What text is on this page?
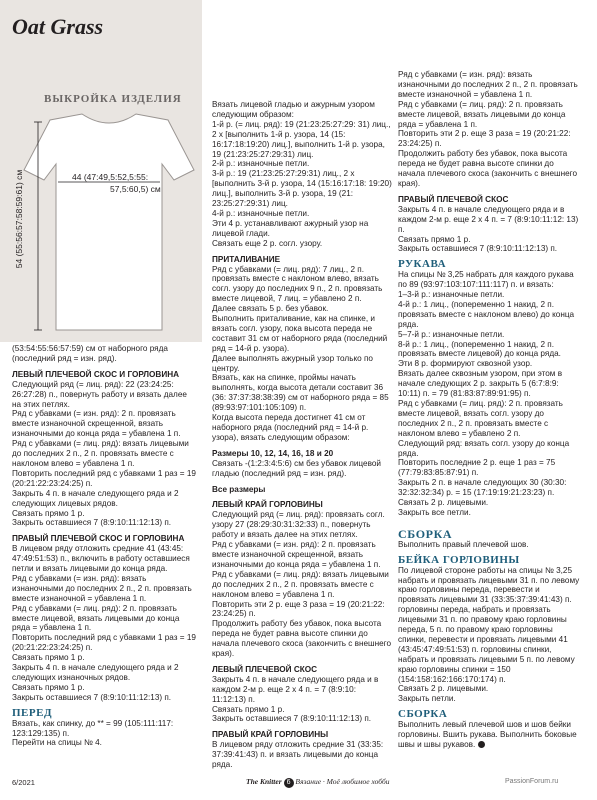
Oat Grass
ВЫКРОЙКА ИЗДЕЛИЯ
44 (47:49,5:52,5:55:
57,5:60,5) см
54 (55:56:57:58:59:61) см

(53:54:55:56:57:59) см от наборного ряда (последний ряд = изн. ряд).

ЛЕВЫЙ ПЛЕЧЕВОЙ СКОС И ГОРЛОВИНА

Следующий ряд (= лиц. ряд): 22 (23:24:25: 26:27:28) п., повернуть работу и вязать далее на этих петлях.

Ряд с убавками (= изн. ряд): 2 п. провязать вместе изнаночной скрещенной, вязать изнаночными до конца ряда = убавлена 1 п.

Ряд с убавками (= лиц. ряд): вязать лицевыми до последних 2 п., 2 п. провязать вместе с наклоном влево = убавлена 1 п.

Повторить последний ряд с убавками 1 раз = 19 (20:21:22:23:24:25) п.

Закрыть 4 п. в начале следующего ряда и 2 следующих лицевых рядов.

Связать прямо 1 р.

Закрыть оставшиеся 7 (8:9:10:11:12:13) п.

ПРАВЫЙ ПЛЕЧЕВОЙ СКОС И ГОРЛОВИНА

В лицевом ряду отложить средние 41 (43:45: 47:49:51:53) п., включить в работу оставшиеся петли и вязать лицевыми до конца ряда.

Ряд с убавками (= изн. ряд): вязать изнаночными до последних 2 п., 2 п. провязать вместе изнаночной = убавлена 1 п.

Ряд с убавками (= лиц. ряд): 2 п. провязать вместе лицевой, вязать лицевыми до конца ряда = убавлена 1 п.

Повторить последний ряд с убавками 1 раз = 19 (20:21:22:23:24:25) п.

Связать прямо 1 р.

Закрыть 4 п. в начале следующего ряда и 2 следующих изнаночных рядов.

Связать прямо 1 р.

Закрыть оставшиеся 7 (8:9:10:11:12:13) п.

ПЕРЕД

Вязать, как спинку, до ** = 99 (105:111:117: 123:129:135) п.

Перейти на спицы № 4.

Вязать лицевой гладью и ажурным узором следующим образом:

1-й р. (= лиц. ряд): 19 (21:23:25:27:29: 31) лиц., 2 х [выполнить 1-й р. узора, 14 (15: 16:17:18:19:20) лиц.], выполнить 1-й р. узора, 19 (21:23:25:27:29:31) лиц.

2-й р.: изнаночные петли.

3-й р.: 19 (21:23:25:27:29:31) лиц., 2 х [выполнить 3-й р. узора, 14 (15:16:17:18: 19:20) лиц.], выполнить 3-й р. узора, 19 (21: 23:25:27:29:31) лиц.

4-й р.: изнаночные петли.

Эти 4 р. устанавливают ажурный узор на лицевой глади.

Связать еще 2 р. согл. узору.

ПРИТАЛИВАНИЕ

Ряд с убавками (= лиц. ряд): 7 лиц., 2 п. провязать вместе с наклоном влево, вязать согл. узору до последних 9 п., 2 п. провязать вместе лицевой, 7 лиц. = убавлено 2 п.

Далее связать 5 р. без убавок.

Выполнить приталивание, как на спинке, и вязать согл. узору, пока высота переда не составит 31 см от наборного ряда (последний ряд = 14-й р. узора).

Далее выполнять ажурный узор только по центру.

Вязать, как на спинке, проймы начать выполнять, когда высота детали составит 36 (36: 37:37:38:38:39) см от наборного ряда = 85 (89:93:97:101:105:109) п.

Когда высота переда достигнет 41 см от наборного ряда (последний ряд = 14-й р. узора), вязать следующим образом:

Размеры 10, 12, 14, 16, 18 и 20

Связать -(1:2:3:4:5:6) см без убавок лицевой гладью (последний ряд = изн. ряд).

Все размеры

ЛЕВЫЙ КРАЙ ГОРЛОВИНЫ

Следующий ряд (= лиц. ряд): провязать согл. узору 27 (28:29:30:31:32:33) п., повернуть работу и вязать далее на этих петлях.

Ряд с убавками (= изн. ряд): 2 п. провязать вместе изнаночной скрещенной, вязать изнаночными до конца ряда = убавлена 1 п.

Ряд с убавками (= лиц. ряд): вязать лицевыми до последних 2 п., 2 п. провязать вместе с наклоном влево = убавлена 1 п.

Повторить эти 2 р. еще 3 раза = 19 (20:21:22: 23:24:25) п.

Продолжить работу без убавок, пока высота переда не будет равна высоте спинки до начала плечевого скоса (закончить с внешнего края).

ЛЕВЫЙ ПЛЕЧЕВОЙ СКОС

Закрыть 4 п. в начале следующего ряда и в каждом 2-м р. еще 2 х 4 п. = 7 (8:9:10: 11:12:13) п.

Связать прямо 1 р.

Закрыть оставшиеся 7 (8:9:10:11:12:13) п.

ПРАВЫЙ КРАЙ ГОРЛОВИНЫ

В лицевом ряду отложить средние 31 (33:35: 37:39:41:43) п. и вязать лицевыми до конца ряда.

Ряд с убавками (= изн. ряд): вязать изнаночными до последних 2 п., 2 п. провязать вместе изнаночной = убавлена 1 п.

Ряд с убавками (= лиц. ряд): 2 п. провязать вместе лицевой, вязать лицевыми до конца ряда = убавлена 1 п.

Повторить эти 2 р. еще 3 раза = 19 (20:21:22: 23:24:25) п.

Продолжить работу без убавок, пока высота переда не будет равна высоте спинки до начала плечевого скоса (закончить с внешнего края).

ПРАВЫЙ ПЛЕЧЕВОЙ СКОС

Закрыть 4 п. в начале следующего ряда и в каждом 2-м р. еще 2 х 4 п. = 7 (8:9:10:11:12: 13) п.

Связать прямо 1 р.

Закрыть оставшиеся 7 (8:9:10:11:12:13) п.

РУКАВА

На спицы № 3,25 набрать для каждого рукава по 89 (93:97:103:107:111:117) п. и вязать:

1–3-й р.: изнаночные петли.

4-й р.: 1 лиц., (попеременно 1 накид, 2 п. провязать вместе с наклоном влево) до конца ряда.

5–7-й р.: изнаночные петли.

8-й р.: 1 лиц., (попеременно 1 накид, 2 п. провязать вместе лицевой) до конца ряда.

Эти 8 р. формируют сквозной узор.

Вязать далее сквозным узором, при этом в начале следующих 2 р. закрыть 5 (6:7:8:9: 10:11) п. = 79 (81:83:87:89:91:95) п.

Ряд с убавками (= лиц. ряд): 2 п. провязать вместе лицевой, вязать согл. узору до последних 2 п., 2 п. провязать вместе с наклоном влево = убавлено 2 п.

Следующий ряд: вязать согл. узору до конца ряда.

Повторить последние 2 р. еще 1 раз = 75 (77:79:83:85:87:91) п.

Закрыть 2 п. в начале следующих 30 (30:30: 32:32:32:34) р. = 15 (17:19:19:21:23:23) п.

Связать 2 р. лицевыми.

Закрыть все петли.

СБОРКА

Выполнить правый плечевой шов.

БЕЙКА ГОРЛОВИНЫ

По лицевой стороне работы на спицы № 3,25 набрать и провязать лицевыми 31 п. по левому краю горловины переда, перевести и провязать лицевыми 31 (33:35:37:39:41:43) п. горловины переда, набрать и провязать лицевыми 31 п. по правому краю горловины переда, 5 п. по правому краю горловины спинки, перевести и провязать лицевыми 41 (43:45:47:49:51:53) п. горловины спинки, набрать и провязать лицевыми 5 п. по левому краю горловины спинки = 150 (154:158:162:166:170:174) п.

Связать 2 р. лицевыми.

Закрыть петли.

СБОРКА

Выполнить левый плечевой шов и шов бейки горловины. Вшить рукава. Выполнить боковые швы и швы рукавов.

6/2021	The Knitter 6 Вязание · Моё любимое хобби	PassionForum.ru
